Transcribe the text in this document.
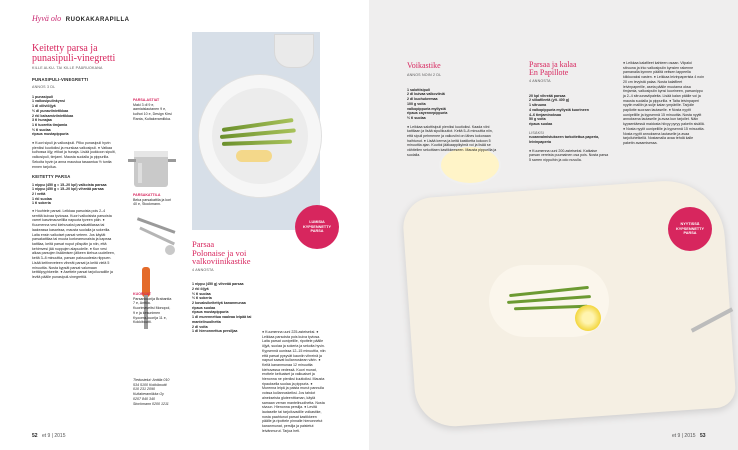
Hyvä olo RUOKAKARAPILLA
Keitetty parsa ja
punasipuli-vinegretti
KILLE ALKU- TAI KILLE PÄÄRUOKANA
PUNASIPULI-VINEGRETTI
ANNOS 3 DL
1 punasipuli
1 valkosipulinkynsi
1 dl oliiviöljyä
½ dl punaviinietikkaa
2 rkl balsamiviinietikkaa
3 tl hunajaa
1 tl tuoretta timjamia
½ tl suolaa
ripaus mustapippuria
● Kuori sipuli ja valkosipuli. Pilko punasipuli hyvin pieniksi kuutioiksi ja murskaa valkosipuli. ● Vatkaa kulhossa öljy, etikat ja hunaja. Lisää joukkoon sipulit, valkosipuli, timjami. Mausta suolalla ja pippurilla. Sekoita hyvin ja anna maustua tasaantua ½ tuntia ennen tarjoilua.
KEITETTY PARSA
1 nippu (450 g ≈ 15–20 kpl) valkoista parsaa
1 nippu (450 g ≈ 15–20 kpl) vihreää parsaa
2 l vettä
1 rkl suolaa
1 tl sokeria
● Huuhtele parsat. Leikkaa parsoista pois 2–4 senttiä kuivaa tyviosaa. Kuori valkoisista parsoista varret kasvimauvellilla napuota tyveen päin. ● Kuumenna vesi kiehuvaksi parsakattilassa tai laakeassa kasarissa, mausta suolalla ja sokerilla. Laita ensin valkoiset parsat veteen. Jos käytät parsakattilaa tai muuta korkeareunaista ja kapeaa kattilaa, keitä parsat nuput ylöspäin ja niin, että kehimvesi jää nuppujen alapuolelle. ● Kun vesi alkaa parsojen lisäämisen jälkeen kiehua uudelleen, keitä 3–8 minuuttia, parsan paksuudesta riippuen. Lisää keitineveteen vihreät parsat ja keitä vielä 5 minuuttia. Nosta kypsät parsat valumaan keittiöpyyhkeelle. ● Asettele parsat tarjoiluvadille ja levitä päälle punasipuli-vinegrettiä.
PARSA-ASTIAT
Maki 3 dl 9 e, aamiaislautanen 9 e, kulhot 10 e, Design Kirsi Ranta, Kultakeramiikka.
PARSAKATTILA
Beka parsakattila ja kori 40 e, Stockmann.
KUORIJAT
Parsankuorija Brabantia 7 e, Anttila. Kuorimaveitsi Monopol, 9 e ja kesunimen Kyocera-kuorija 11 e, Kokkiboutti.
Tiedustelut: Anttila 010 534 5100 Kokkiboutti 010 231 2090 Kultakeramiikka Oy 0207 840 340 Stockmann 0200 1211
LUMISIA KYPSENNETTY PARSA
Parsaa
Polonaise ja voi
valkoviinikastike
4 ANNOSTA
1 nippu (450 g) vihreää parsaa
2 rkl öljyä
½ tl suolaa
½ tl sokeria
2 kovaksikeitettyä kananmunaa
ripaus suolaa
ripaus mustapippuria
1 dl murennettua vaaleaa leipää tai mantelinuolhetta
2 dl voita
1 dl hienonnettua persiljaa	● Kuumenna uuni 225-asteiseksi. ● Leikkaa parsoista pois kuiva tyviosa. Laita parsat uunipelille, ripottele päälle öljyä, suolaa ja sokeria ja sekoita hyvin. Kypsennä uunissa 12–15 minuuttia, niin että parsat pysyvät kauniin vihreinä ja napsut saavat kullanruskean värin. ● Keitä kananmunaa 12 minuuttia kiehuvassa vedessä. Kuori munat, erottele keltuaiset ja valkuaiset ja hienonna ne pieniksi kuutioiksi. Mausta ripauksella suolaa ja pippuria. ● Murenna leipä ja paista murut pannulla voissa kullanruskeiksi. Jos tahdot ainekseista gluteenittoman, käytä samaan verran mantelinuolhetta. Nosta sivuun. Hienonna persilja. ● Levitä lautaselle tai tarjoiluvadille voikastike, nosta paahtunut parsat kastikkeen päälle ja ripottele pinnalle hienonnetut kananmunat, persilja ja paistetut leivänmurut. Tarjoa heti.
52 et 9 | 2015
Voikastike
ANNOS NOIN 2 DL
1 salottisipuli
2 dl kuivaa valkoviiniä
2 dl kuohukermaa
100 g voita
valkopippuria myllystä
ripaus cayennepippuria
½ tl suolaa
● Leikkaa salottisipuli pieniksi kuutioiksi. Kaada viini kattilaan ja lisää sipulikuutiot. Keitä 5–8 minuuttia niin, että sipuli pehmenee ja valkoviini on lähes kokonaan haihtunut. ● Lisää kerma ja keitä kastiketta kokoon 5 minuuttia ajan. Kuutioi jääkaappikylmä voi ja lisää se vähitellen sekoittaen kastikkeeseen. Mausta pippurilla ja suolalla.
Parsaa ja kalaa
En Papillote
4 ANNOSTA
20 kpl vihreää parsaa
2 siikafileetä (ylt. 400 g)
1 sitruuna
4 valkopippuria myllystä kuorineen
4–6 timjaminoksaa
50 g voita
ripaus suolaa
LISÄKSI
ruoanvalmistukseen tarkoitettua paperia, leivinpaperia
● Kuumenna uuni 200-asteiseksi. Katkaise parsan vereista puumainen osa pois. Nosta parsa 5 sarren nippuihin ja odo nuvulla.
● Leikkaa kalafileet kahteen osaan. Viipaloi sitruuna ja irko valkosipulin kynsien rakenne pamanalla kynnen päältä veitsen lappeella kiikkuvaksi vasten. ● Leikkaa leivinpaperista 4 noin 20 cm levyistä palaa. Nosta kalafileet leivinpaperille, aseta päälle muutama oksa timjamia, valkosipulin kynsi kuorineen, parsanippu ja 2–4 sitruunaviipaleita. Lisää kalan päälle voi ja mausta suolalla ja pippurilla. ● Taita leivinpaperi nyytin malliin ja sulje kalan ympärille. Tarjoile papilotte suoraan lautaselle. ● Nosta nyytit uunipellille ja kypsennä 15 minuuttia. Nosta nyytit annoksena lautaselle ja avaa kun tarjoilet. Näin kypsentäessä maidosta hiivyy pyryy paketin sisällä. ● Nosta nyytit uunipellille ja kypsennä 15 minuuttia. Nosta nyytit annoksena lautaselle ja avaa tarjoiluhetkellä. Nostamalla avaa tehdä kalle paketin avaamisessa.
NYYTISSÄ KYPSENNETTY PARSA
et 9 | 2015 53
